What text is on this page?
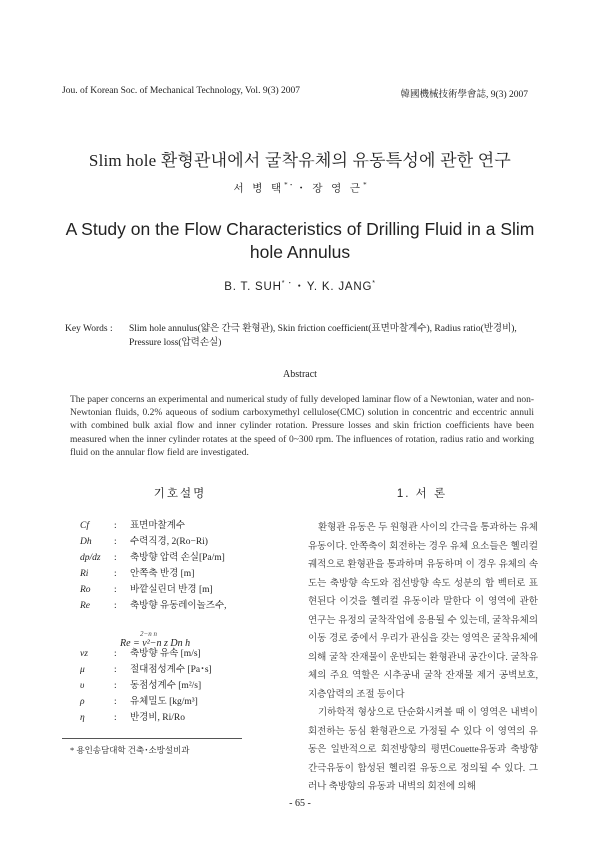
Jou. of Korean Soc. of Mechanical Technology, Vol. 9(3) 2007	韓國機械技術學會誌, 9(3) 2007
Slim hole 환형관내에서 굴착유체의 유동특성에 관한 연구
서 병 택* ･ ･ 장 영 근*
A Study on the Flow Characteristics of Drilling Fluid in a Slim hole Annulus
B. T. SUH* ･ ･ Y. K. JANG*
Key Words : Slim hole annulus(얇은 간극 환형관), Skin friction coefficient(표면마찰계수), Radius ratio(반경비), Pressure loss(압력손실)
Abstract
The paper concerns an experimental and numerical study of fully developed laminar flow of a Newtonian, water and non-Newtonian fluids, 0.2% aqueous of sodium carboxymethyl cellulose(CMC) solution in concentric and eccentric annuli with combined bulk axial flow and inner cylinder rotation. Pressure losses and skin friction coefficients have been measured when the inner cylinder rotates at the speed of 0~300 rpm. The influences of rotation, radius ratio and working fluid on the annular flow field are investigated.
기호설명	1. 서 론
Cf	: 표면마찰계수
Dh	: 수력직경, 2(Ro−Ri)
dp/dz	: 축방향 압력 손실[Pa/m]
Ri	: 안쪽축 반경 [m]
Ro	: 바깥실린더 반경 [m]
Re	: 축방향 유동레이놀즈수,
vz	: 축방향 유속 [m/s]
μ	: 절대점성계수 [Pa･s]
υ	: 동점성계수 [m²/s]
ρ	: 유체밀도 [kg/m³]
η	: 반경비, Ri/Ro
2−n n
Re = v²−n z Dn h

환형관 유동은 두 원형관 사이의 간극을 통과하는 유체유동이다. 안쪽축이 회전하는 경우 유체 요소들은 헬리컬 궤적으로 환형관을 통과하며 유동하며 이 경우 유체의 속도는 축방향 속도와 접선방향 속도 성분의 합 벡터로 표현된다 이것을 헬리컬 유동이라 말한다 이 영역에 관한 연구는 유정의 굴착작업에 응용될 수 있는데, 굴착유체의 이동 경로 중에서 우리가 관심을 갖는 영역은 굴착유체에 의해 굴착 잔재물이 운반되는 환형관내 공간이다. 굴착유체의 주요 역할은 시추공내 굴착 잔재물 제거 공벽보호, 지층압력의 조절 등이다

기하학적 형상으로 단순화시켜볼 때 이 영역은 내벽이 회전하는 동심 환형관으로 가정될 수 있다 이 영역의 유동은 일반적으로 회전방향의 평면Couette유동과 축방향 간극유동이 합성된 헬리컬 유동으로 정의될 수 있다. 그러나 축방향의 유동과 내벽의 회전에 의해

* 용인송담대학 건축･소방설비과
- 65 -
